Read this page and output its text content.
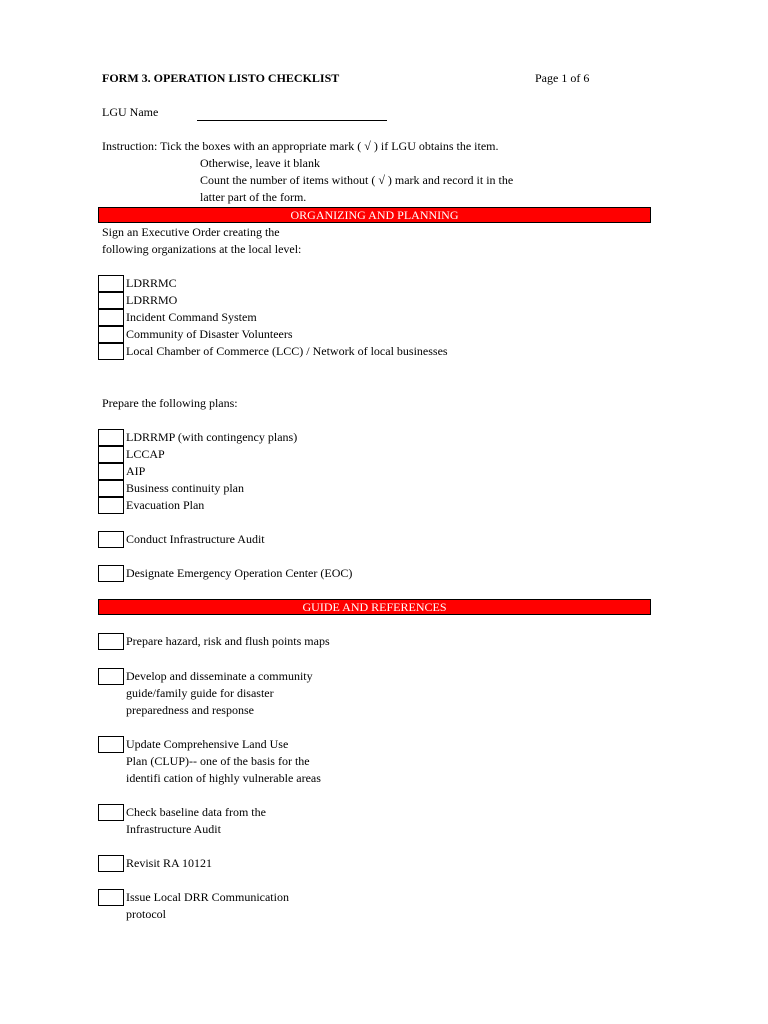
FORM 3. OPERATION LISTO CHECKLIST	Page 1 of 6
LGU Name
Instruction: Tick the boxes with an appropriate mark ( √ ) if LGU obtains the item.
Otherwise, leave it blank
Count the number of items without ( √ ) mark and record it in the
latter part of the form.
ORGANIZING AND PLANNING
Sign an Executive Order creating the
following organizations at the local level:
LDRRMC
LDRRMO
Incident Command System
Community of Disaster Volunteers
Local Chamber of Commerce (LCC) / Network of local businesses
Prepare the following plans:
LDRRMP (with contingency plans)
LCCAP
AIP
Business continuity plan
Evacuation Plan
Conduct Infrastructure Audit
Designate Emergency Operation Center (EOC)
GUIDE AND REFERENCES
Prepare hazard, risk and flush points maps
Develop and disseminate a community
guide/family guide for disaster
preparedness and response
Update Comprehensive Land Use
Plan (CLUP)-- one of the basis for the
identifi cation of highly vulnerable areas
Check baseline data from the
Infrastructure Audit
Revisit RA 10121
Issue Local DRR Communication
protocol
